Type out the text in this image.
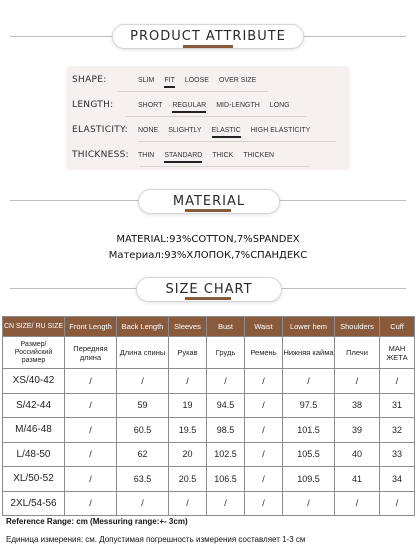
PRODUCT ATTRIBUTE
SHAPE:	SLIM FIT LOOSE OVER SIZE
LENGTH:	SHORT REGULAR MID-LENGTH LONG
ELASTICITY:	NONE SLIGHTLY ELASTIC HIGH ELASTICITY
THICKNESS:	THIN STANDARD THICK THICKEN
MATERIAL
MATERIAL:93%COTTON,7%SPANDEX
Материал:93%ХЛОПОК,7%СПАНДЕКС
SIZE CHART
CN SIZE/ RU SIZE	Front Length	Back Length	Sleeves	Bust	Waist	Lower hem	Shoulders	Cuff
Размер/ Российский размер	Передняя длина	Длина спины	Рукав	Грудь	Ремень	Нижняя кайма	Плечи	МАН ЖЕТА
XS/40-42	/	/	/	/	/	/	/	/
S/42-44	/	59	19	94.5	/	97.5	38	31
M/46-48	/	60.5	19.5	98.5	/	101.5	39	32
L/48-50	/	62	20	102.5	/	105.5	40	33
XL/50-52	/	63.5	20.5	106.5	/	109.5	41	34
2XL/54-56	/	/	/	/	/	/	/	/
Reference Range: cm (Messuring range:+- 3cm)
Единица измерения: см. Допустимая погрешность измерения составляет 1-3 см
